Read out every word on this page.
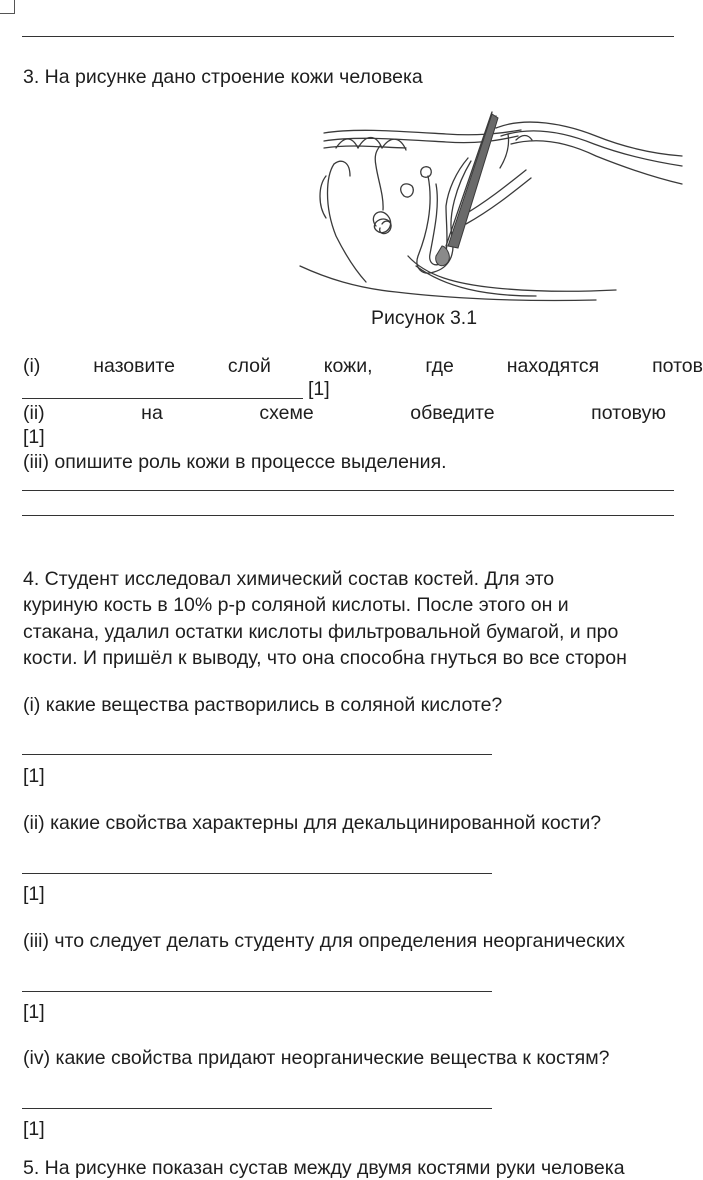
3. На рисунке дано строение кожи человека
Рисунок 3.1
(i)	назовите	слой	кожи,	где	находятся	потов
[1]
(ii)	на	схеме	обведите	потовую
[1]
(iii) опишите роль кожи в процессе выделения.
4. Студент исследовал химический состав костей. Для это
куриную кость в 10% р-р соляной кислоты. После этого он и
стакана, удалил остатки кислоты фильтровальной бумагой, и про
кости. И пришёл к выводу, что она способна гнуться во все сторон
(i) какие вещества растворились в соляной кислоте?
[1]
(ii) какие свойства характерны для декальцинированной кости?
[1]
(iii) что следует делать студенту для определения неорганических
[1]
(iv) какие свойства придают неорганические вещества к костям?
[1]
5. На рисунке показан сустав между двумя костями руки человека
